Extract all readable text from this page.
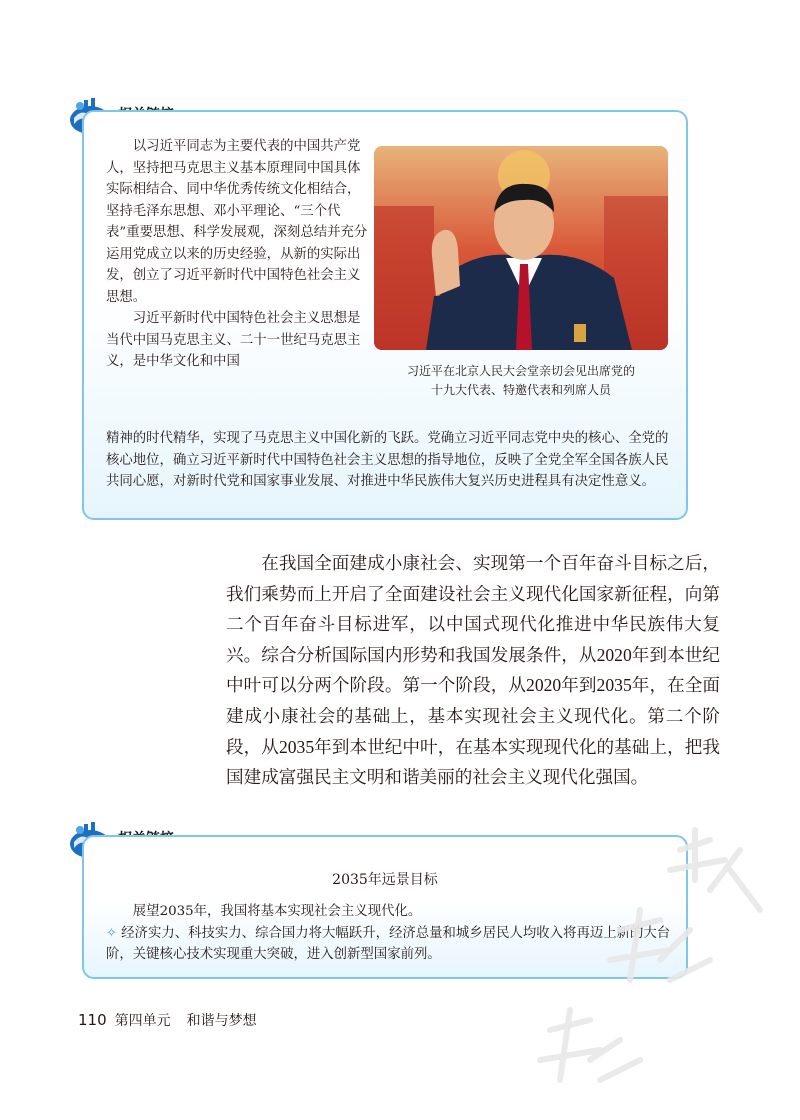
以习近平同志为主要代表的中国共产党人，坚持把马克思主义基本原理同中国具体实际相结合、同中华优秀传统文化相结合，坚持毛泽东思想、邓小平理论、“三个代表”重要思想、科学发展观，深刻总结并充分运用党成立以来的历史经验，从新的实际出发，创立了习近平新时代中国特色社会主义思想。

习近平新时代中国特色社会主义思想是当代中国马克思主义、二十一世纪马克思主义，是中华文化和中国

习近平在北京人民大会堂亲切会见出席党的
十九大代表、特邀代表和列席人员

精神的时代精华，实现了马克思主义中国化新的飞跃。党确立习近平同志党中央的核心、全党的核心地位，确立习近平新时代中国特色社会主义思想的指导地位，反映了全党全军全国各族人民共同心愿，对新时代党和国家事业发展、对推进中华民族伟大复兴历史进程具有决定性意义。

在我国全面建成小康社会、实现第一个百年奋斗目标之后，我们乘势而上开启了全面建设社会主义现代化国家新征程，向第二个百年奋斗目标进军，以中国式现代化推进中华民族伟大复兴。综合分析国际国内形势和我国发展条件，从2020年到本世纪中叶可以分两个阶段。第一个阶段，从2020年到2035年，在全面建成小康社会的基础上，基本实现社会主义现代化。第二个阶段，从2035年到本世纪中叶，在基本实现现代化的基础上，把我国建成富强民主文明和谐美丽的社会主义现代化强国。

2035年远景目标

展望2035年，我国将基本实现社会主义现代化。

✧ 经济实力、科技实力、综合国力将大幅跃升，经济总量和城乡居民人均收入将再迈上新的大台阶，关键核心技术实现重大突破，进入创新型国家前列。

110 第四单元 和谐与梦想
